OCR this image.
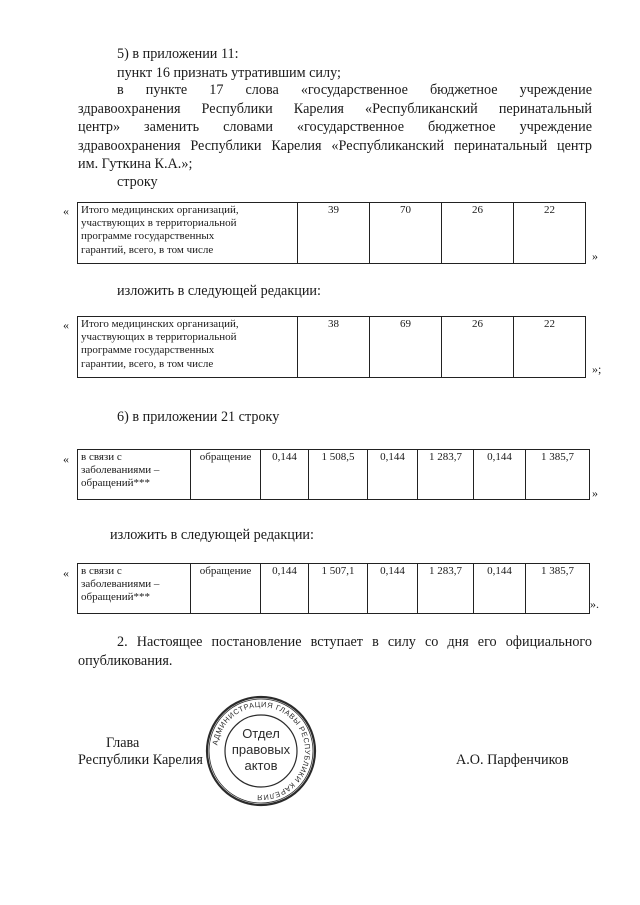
5) в приложении 11:
пункт 16 признать утратившим силу;
в пункте 17 слова «государственное бюджетное учреждение
здравоохранения Республики Карелия «Республиканский перинатальный
центр» заменить словами «государственное бюджетное учреждение
здравоохранения Республики Карелия «Республиканский перинатальный центр
им. Гуткина К.А.»;
строку
« Итого медицинских организаций,
участвующих в территориальной
программе государственных
гарантий, всего, в том числе
	39	70	26	22
»
изложить в следующей редакции:
« Итого медицинских организаций,
участвующих в территориальной
программе государственных
гарантии, всего, в том числе
	38	69	26	22
»;
6) в приложении 21 строку
« в связи с
заболеваниями –
обращений***
	обращение	0,144	1 508,5	0,144	1 283,7	0,144	1 385,7
»
изложить в следующей редакции:
« в связи с
заболеваниями –
обращений***
	обращение	0,144	1 507,1	0,144	1 283,7	0,144	1 385,7
».
2. Настоящее постановление вступает в силу со дня его официального
опубликования.
Глава
Республики Карелия	А.О. Парфенчиков
АДМИНИСТРАЦИЯ ГЛАВЫ РЕСПУБЛИКИ КАРЕЛИЯ
Отдел
правовых
актов
